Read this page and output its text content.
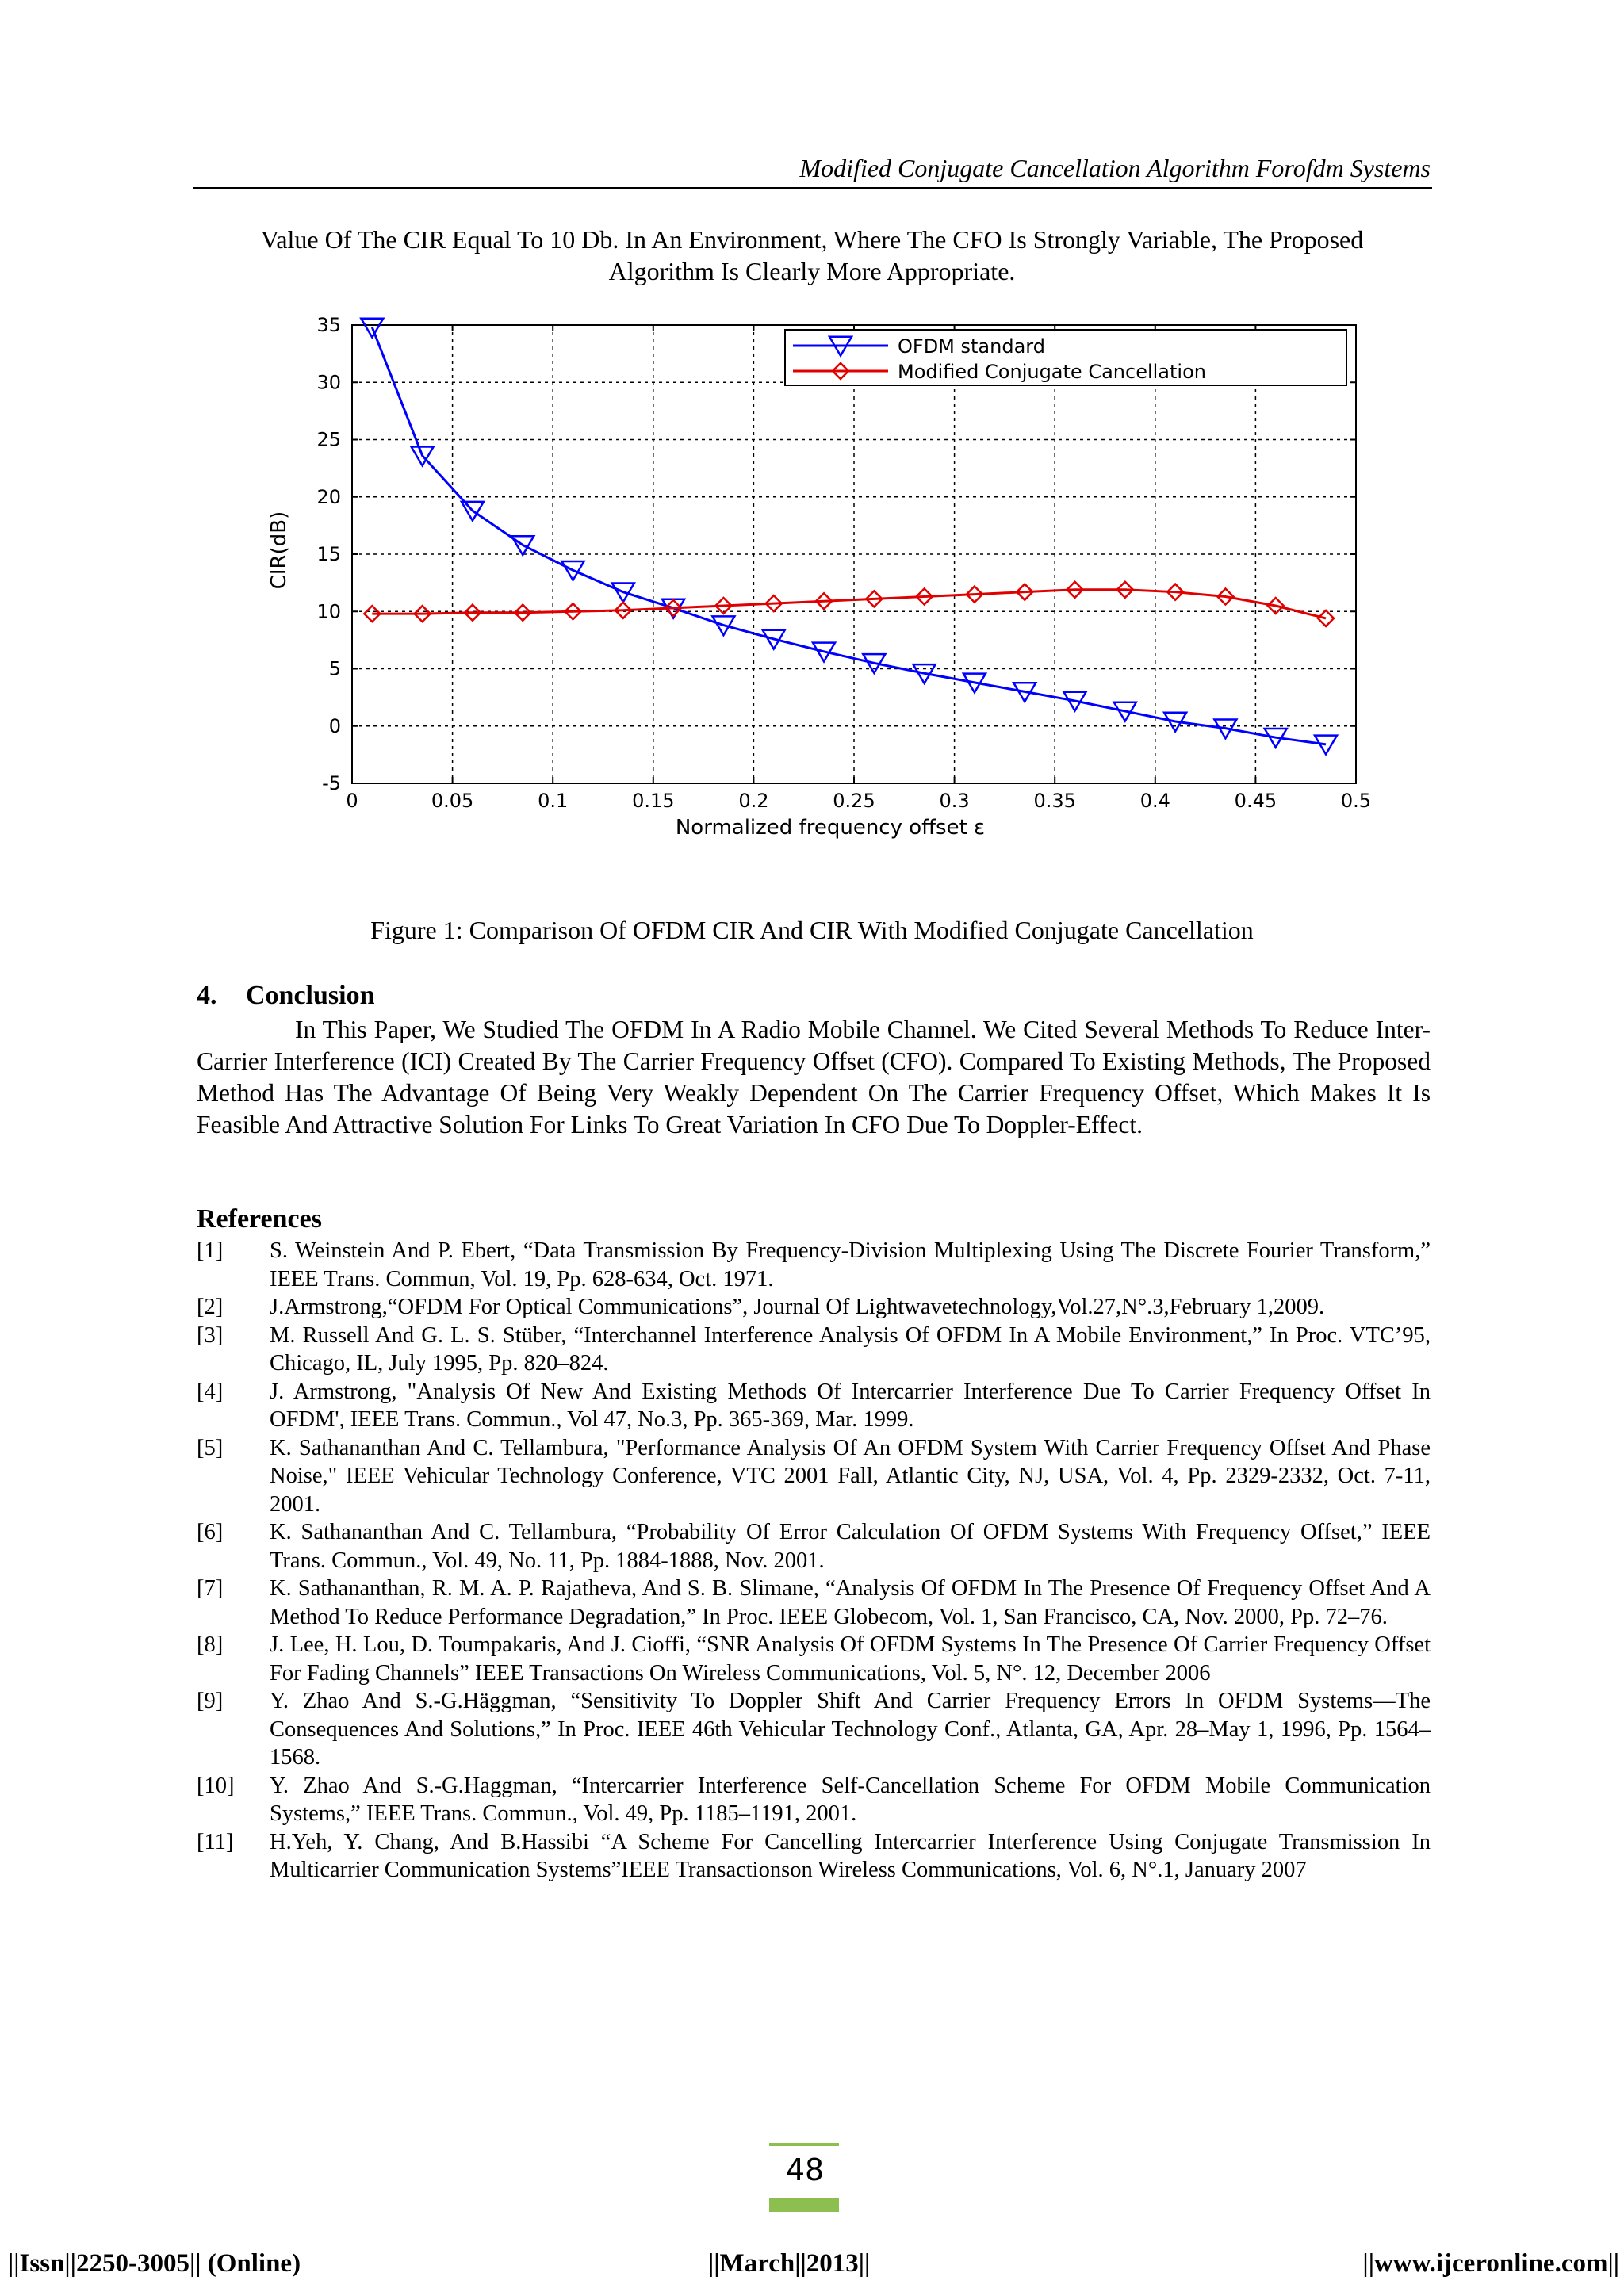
Modified Conjugate Cancellation Algorithm Forofdm Systems
Value Of The CIR Equal To 10 Db. In An Environment, Where The CFO Is Strongly Variable, The Proposed
Algorithm Is Clearly More Appropriate.
0	0.05	0.1	0.15	0.2	0.25	0.3	0.35	0.4	0.45	0.5
35
30
25
20
15
10
5
0
-5
Normalized frequency offset ε
CIR(dB)
OFDM standard
Modified Conjugate Cancellation
Figure 1: Comparison Of OFDM CIR And CIR With Modified Conjugate Cancellation
4. Conclusion
In This Paper, We Studied The OFDM In A Radio Mobile Channel. We Cited Several Methods To Reduce Inter-Carrier Interference (ICI) Created By The Carrier Frequency Offset (CFO). Compared To Existing Methods, The Proposed Method Has The Advantage Of Being Very Weakly Dependent On The Carrier Frequency Offset, Which Makes It Is Feasible And Attractive Solution For Links To Great Variation In CFO Due To Doppler-Effect.
References
[1]	S. Weinstein And P. Ebert, “Data Transmission By Frequency-Division Multiplexing Using The Discrete Fourier Transform,” IEEE Trans. Commun, Vol. 19, Pp. 628-634, Oct. 1971.
[2]	J.Armstrong,“OFDM For Optical Communications”, Journal Of Lightwavetechnology,Vol.27,N°.3,February 1,2009.
[3]	M. Russell And G. L. S. Stüber, “Interchannel Interference Analysis Of OFDM In A Mobile Environment,” In Proc. VTC’95, Chicago, IL, July 1995, Pp. 820–824.
[4]	J. Armstrong, "Analysis Of New And Existing Methods Of Intercarrier Interference Due To Carrier Frequency Offset In OFDM', IEEE Trans. Commun., Vol 47, No.3, Pp. 365-369, Mar. 1999.
[5]	K. Sathananthan And C. Tellambura, "Performance Analysis Of An OFDM System With Carrier Frequency Offset And Phase Noise," IEEE Vehicular Technology Conference, VTC 2001 Fall, Atlantic City, NJ, USA, Vol. 4, Pp. 2329-2332, Oct. 7-11, 2001.
[6]	K. Sathananthan And C. Tellambura, “Probability Of Error Calculation Of OFDM Systems With Frequency Offset,” IEEE Trans. Commun., Vol. 49, No. 11, Pp. 1884-1888, Nov. 2001.
[7]	K. Sathananthan, R. M. A. P. Rajatheva, And S. B. Slimane, “Analysis Of OFDM In The Presence Of Frequency Offset And A Method To Reduce Performance Degradation,” In Proc. IEEE Globecom, Vol. 1, San Francisco, CA, Nov. 2000, Pp. 72–76.
[8]	J. Lee, H. Lou, D. Toumpakaris, And J. Cioffi, “SNR Analysis Of OFDM Systems In The Presence Of Carrier Frequency Offset For Fading Channels” IEEE Transactions On Wireless Communications, Vol. 5, N°. 12, December 2006
[9]	Y. Zhao And S.-G.Häggman, “Sensitivity To Doppler Shift And Carrier Frequency Errors In OFDM Systems—The Consequences And Solutions,” In Proc. IEEE 46th Vehicular Technology Conf., Atlanta, GA, Apr. 28–May 1, 1996, Pp. 1564–1568.
[10]	Y. Zhao And S.-G.Haggman, “Intercarrier Interference Self-Cancellation Scheme For OFDM Mobile Communication Systems,” IEEE Trans. Commun., Vol. 49, Pp. 1185–1191, 2001.
[11]	H.Yeh, Y. Chang, And B.Hassibi “A Scheme For Cancelling Intercarrier Interference Using Conjugate Transmission In Multicarrier Communication Systems”IEEE Transactionson Wireless Communications, Vol. 6, N°.1, January 2007
48
||Issn||2250-3005|| (Online)	||March||2013||	||www.ijceronline.com||
